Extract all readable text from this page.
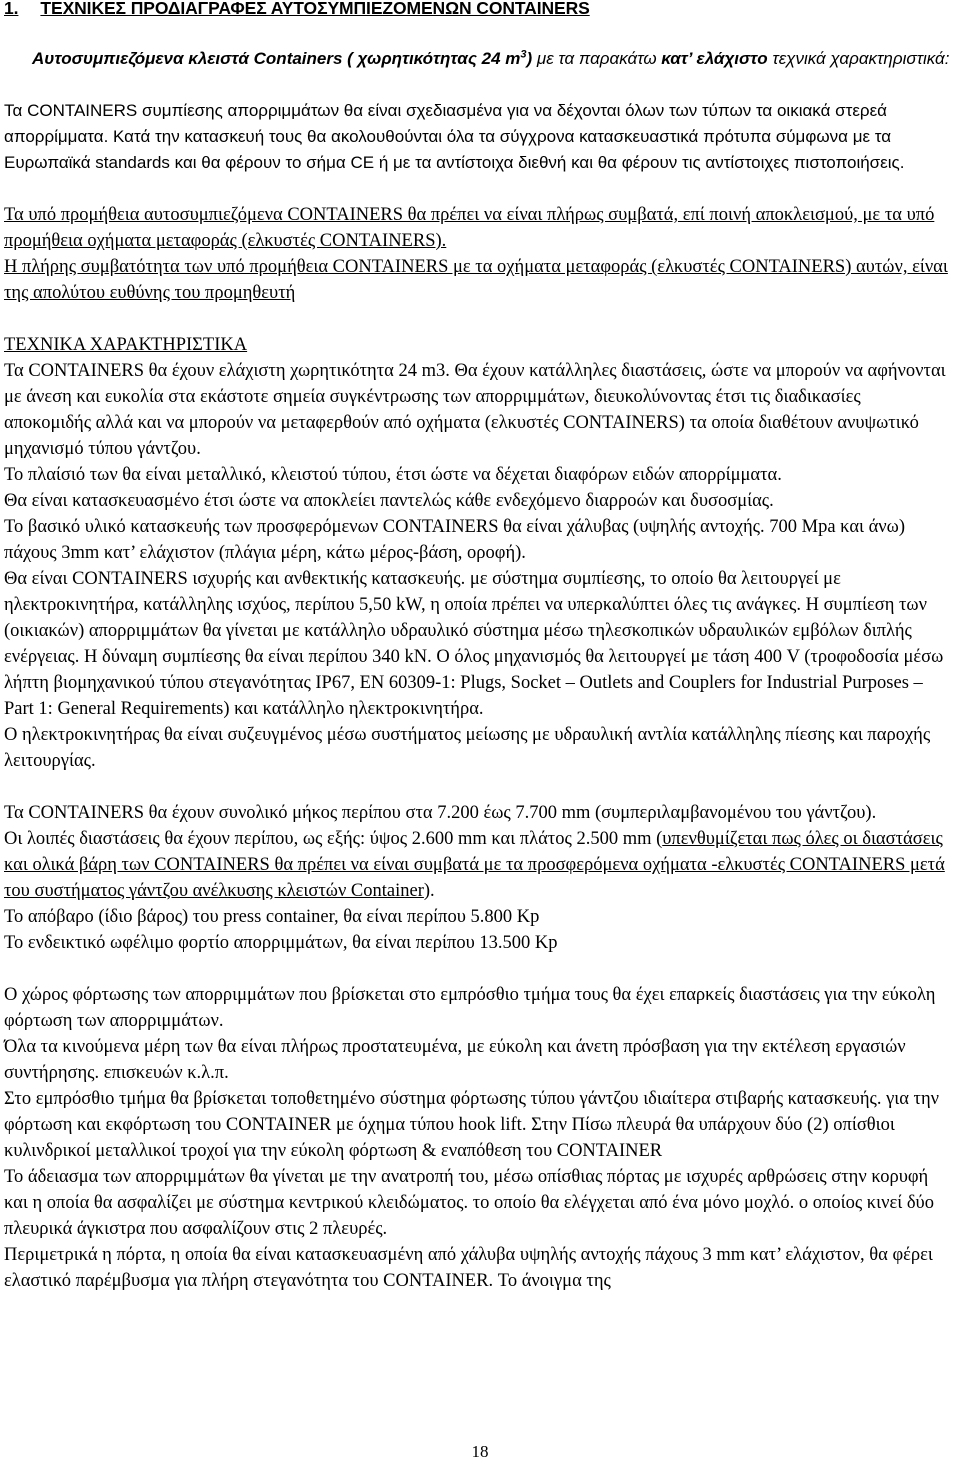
1. ΤΕΧΝΙΚΕΣ ΠΡΟΔΙΑΓΡΑΦΕΣ ΑΥΤΟΣΥΜΠΙΕΖΟΜΕΝΩΝ CONTAINERS
Αυτοσυμπιεζόμενα κλειστά Containers ( χωρητικότητας 24 $m^3$) με τα παρακάτω κατ’ ελάχιστο τεχνικά χαρακτηριστικά:

Τα CONTAINERS συμπίεσης απορριμμάτων θα είναι σχεδιασμένα για να δέχονται όλων των τύπων τα οικιακά στερεά απορρίμματα. Κατά την κατασκευή τους θα ακολουθούνται όλα τα σύγχρονα κατασκευαστικά πρότυπα σύμφωνα με τα Ευρωπαϊκά standards και θα φέρουν το σήμα CE ή με τα αντίστοιχα διεθνή και θα φέρουν τις αντίστοιχες πιστοποιήσεις.

Τα υπό προμήθεια αυτοσυμπιεζόμενα CONTAINERS θα πρέπει να είναι πλήρως συμβατά, επί ποινή αποκλεισμού, με τα υπό προμήθεια οχήματα μεταφοράς (ελκυστές CONTAINERS).

Η πλήρης συμβατότητα των υπό προμήθεια CONTAINERS με τα οχήματα μεταφοράς (ελκυστές CONTAINERS) αυτών, είναι της απολύτου ευθύνης του προμηθευτή

ΤΕΧΝΙΚΑ ΧΑΡΑΚΤΗΡΙΣΤΙΚΑ

Τα CONTAINERS θα έχουν ελάχιστη χωρητικότητα 24 m3. Θα έχουν κατάλληλες διαστάσεις, ώστε να μπορούν να αφήνονται με άνεση και ευκολία στα εκάστοτε σημεία συγκέντρωσης των απορριμμάτων, διευκολύνοντας έτσι τις διαδικασίες αποκομιδής αλλά και να μπορούν να μεταφερθούν από οχήματα (ελκυστές CONTAINERS) τα οποία διαθέτουν ανυψωτικό μηχανισμό τύπου γάντζου.

Το πλαίσιό των θα είναι μεταλλικό, κλειστού τύπου, έτσι ώστε να δέχεται διαφόρων ειδών απορρίμματα.

Θα είναι κατασκευασμένο έτσι ώστε να αποκλείει παντελώς κάθε ενδεχόμενο διαρροών και δυσοσμίας.

Το βασικό υλικό κατασκευής των προσφερόμενων CONTAINERS θα είναι χάλυβας (υψηλής αντοχής. 700 Mpa και άνω) πάχους 3mm κατ’ ελάχιστον (πλάγια μέρη, κάτω μέρος-βάση, οροφή).

Θα είναι CONTAINERS ισχυρής και ανθεκτικής κατασκευής. με σύστημα συμπίεσης, το οποίο θα λειτουργεί με ηλεκτροκινητήρα, κατάλληλης ισχύος, περίπου 5,50 kW, η οποία πρέπει να υπερκαλύπτει όλες τις ανάγκες. Η συμπίεση των (οικιακών) απορριμμάτων θα γίνεται με κατάλληλο υδραυλικό σύστημα μέσω τηλεσκοπικών υδραυλικών εμβόλων διπλής ενέργειας. Η δύναμη συμπίεσης θα είναι περίπου 340 kN. Ο όλος μηχανισμός θα λειτουργεί με τάση 400 V (τροφοδοσία μέσω λήπτη βιομηχανικού τύπου στεγανότητας IP67, EN 60309-1: Plugs, Socket – Outlets and Couplers for Industrial Purposes – Part 1: General Requirements) και κατάλληλο ηλεκτροκινητήρα.

Ο ηλεκτροκινητήρας θα είναι συζευγμένος μέσω συστήματος μείωσης με υδραυλική αντλία κατάλληλης πίεσης και παροχής λειτουργίας.

Τα CONTAINERS θα έχουν συνολικό μήκος περίπου στα 7.200 έως 7.700 mm (συμπεριλαμβανομένου του γάντζου).

Οι λοιπές διαστάσεις θα έχουν περίπου, ως εξής: ύψος 2.600 mm και πλάτος 2.500 mm (υπενθυμίζεται πως όλες οι διαστάσεις και ολικά βάρη των CONTAINERS θα πρέπει να είναι συμβατά με τα προσφερόμενα οχήματα -ελκυστές CONTAINERS μετά του συστήματος γάντζου ανέλκυσης κλειστών Container).

Το απόβαρο (ίδιο βάρος) του press container, θα είναι περίπου 5.800 Kp

Το ενδεικτικό ωφέλιμο φορτίο απορριμμάτων, θα είναι περίπου 13.500 Kp

Ο χώρος φόρτωσης των απορριμμάτων που βρίσκεται στο εμπρόσθιο τμήμα τους θα έχει επαρκείς διαστάσεις για την εύκολη φόρτωση των απορριμμάτων.

Όλα τα κινούμενα μέρη των θα είναι πλήρως προστατευμένα, με εύκολη και άνετη πρόσβαση για την εκτέλεση εργασιών συντήρησης. επισκευών κ.λ.π.

Στο εμπρόσθιο τμήμα θα βρίσκεται τοποθετημένο σύστημα φόρτωσης τύπου γάντζου ιδιαίτερα στιβαρής κατασκευής. για την φόρτωση και εκφόρτωση του CONTAINER με όχημα τύπου hook lift. Στην Πίσω πλευρά θα υπάρχουν δύο (2) οπίσθιοι κυλινδρικοί μεταλλικοί τροχοί για την εύκολη φόρτωση & εναπόθεση του CONTAINER

Το άδειασμα των απορριμμάτων θα γίνεται με την ανατροπή του, μέσω οπίσθιας πόρτας με ισχυρές αρθρώσεις στην κορυφή και η οποία θα ασφαλίζει με σύστημα κεντρικού κλειδώματος. το οποίο θα ελέγχεται από ένα μόνο μοχλό. ο οποίος κινεί δύο πλευρικά άγκιστρα που ασφαλίζουν στις 2 πλευρές.

Περιμετρικά η πόρτα, η οποία θα είναι κατασκευασμένη από χάλυβα υψηλής αντοχής πάχους 3 mm κατ’ ελάχιστον, θα φέρει ελαστικό παρέμβυσμα για πλήρη στεγανότητα του CONTAINER. Το άνοιγμα της

18
